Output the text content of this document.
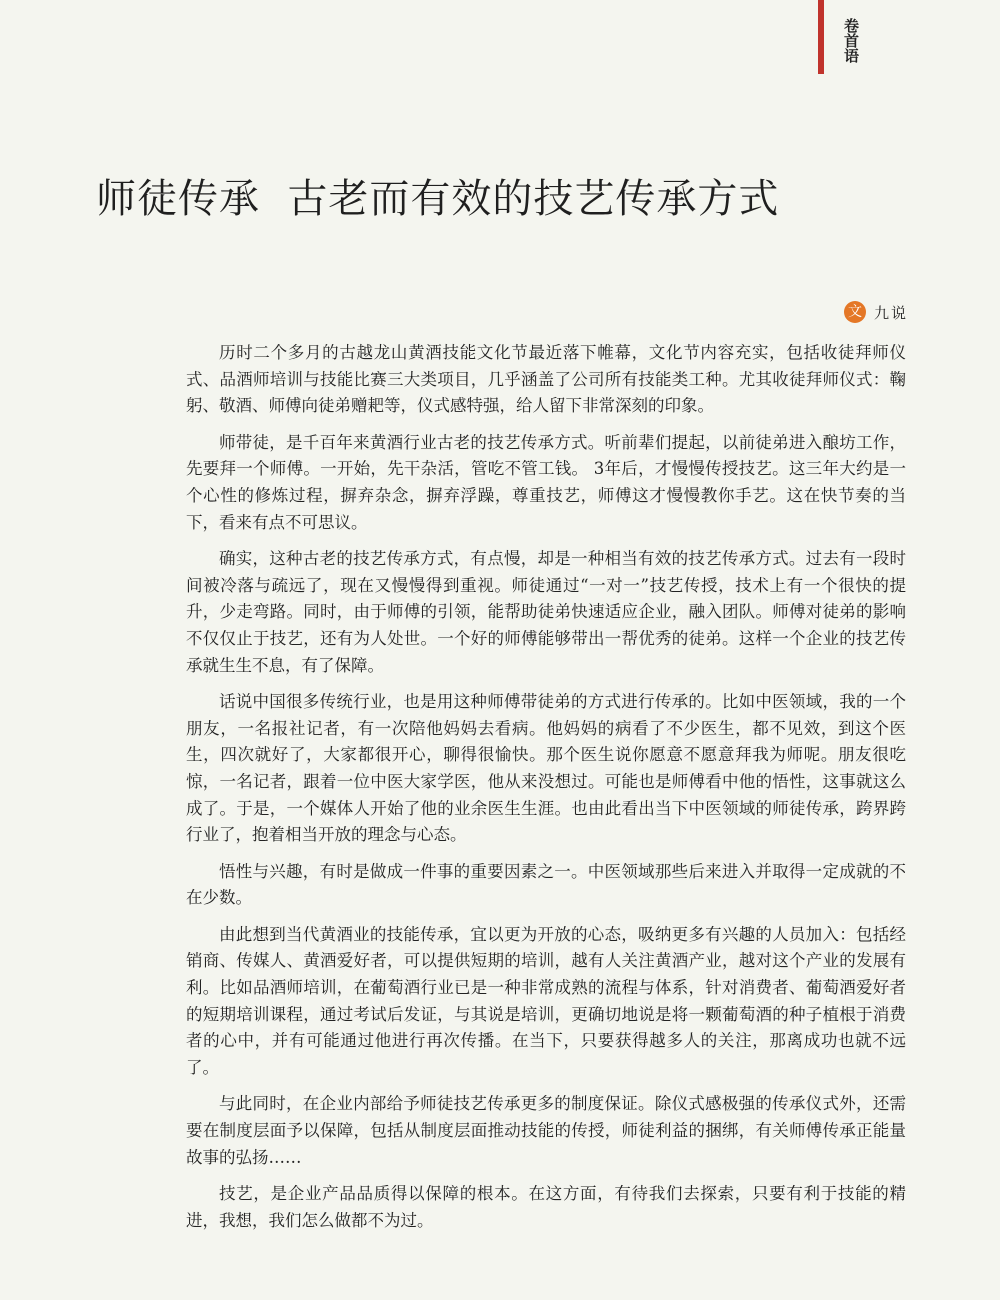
卷首语
师徒传承  古老而有效的技艺传承方式
文 九说

历时二个多月的古越龙山黄酒技能文化节最近落下帷幕，文化节内容充实，包括收徒拜师仪式、品酒师培训与技能比赛三大类项目，几乎涵盖了公司所有技能类工种。尤其收徒拜师仪式：鞠躬、敬酒、师傅向徒弟赠耙等，仪式感特强，给人留下非常深刻的印象。

师带徒，是千百年来黄酒行业古老的技艺传承方式。听前辈们提起，以前徒弟进入酿坊工作，先要拜一个师傅。一开始，先干杂活，管吃不管工钱。 3年后，才慢慢传授技艺。这三年大约是一个心性的修炼过程，摒弃杂念，摒弃浮躁，尊重技艺，师傅这才慢慢教你手艺。这在快节奏的当下，看来有点不可思议。

确实，这种古老的技艺传承方式，有点慢，却是一种相当有效的技艺传承方式。过去有一段时间被冷落与疏远了，现在又慢慢得到重视。师徒通过“一对一”技艺传授，技术上有一个很快的提升，少走弯路。同时，由于师傅的引领，能帮助徒弟快速适应企业，融入团队。师傅对徒弟的影响不仅仅止于技艺，还有为人处世。一个好的师傅能够带出一帮优秀的徒弟。这样一个企业的技艺传承就生生不息，有了保障。

话说中国很多传统行业，也是用这种师傅带徒弟的方式进行传承的。比如中医领域，我的一个朋友，一名报社记者，有一次陪他妈妈去看病。他妈妈的病看了不少医生，都不见效，到这个医生，四次就好了，大家都很开心，聊得很愉快。那个医生说你愿意不愿意拜我为师呢。朋友很吃惊，一名记者，跟着一位中医大家学医，他从来没想过。可能也是师傅看中他的悟性，这事就这么成了。于是，一个媒体人开始了他的业余医生生涯。也由此看出当下中医领域的师徒传承，跨界跨行业了，抱着相当开放的理念与心态。

悟性与兴趣，有时是做成一件事的重要因素之一。中医领域那些后来进入并取得一定成就的不在少数。

由此想到当代黄酒业的技能传承，宜以更为开放的心态，吸纳更多有兴趣的人员加入：包括经销商、传媒人、黄酒爱好者，可以提供短期的培训，越有人关注黄酒产业，越对这个产业的发展有利。比如品酒师培训，在葡萄酒行业已是一种非常成熟的流程与体系，针对消费者、葡萄酒爱好者的短期培训课程，通过考试后发证，与其说是培训，更确切地说是将一颗葡萄酒的种子植根于消费者的心中，并有可能通过他进行再次传播。在当下，只要获得越多人的关注，那离成功也就不远了。

与此同时，在企业内部给予师徒技艺传承更多的制度保证。除仪式感极强的传承仪式外，还需要在制度层面予以保障，包括从制度层面推动技能的传授，师徒利益的捆绑，有关师傅传承正能量故事的弘扬……

技艺，是企业产品品质得以保障的根本。在这方面，有待我们去探索，只要有利于技能的精进，我想，我们怎么做都不为过。
